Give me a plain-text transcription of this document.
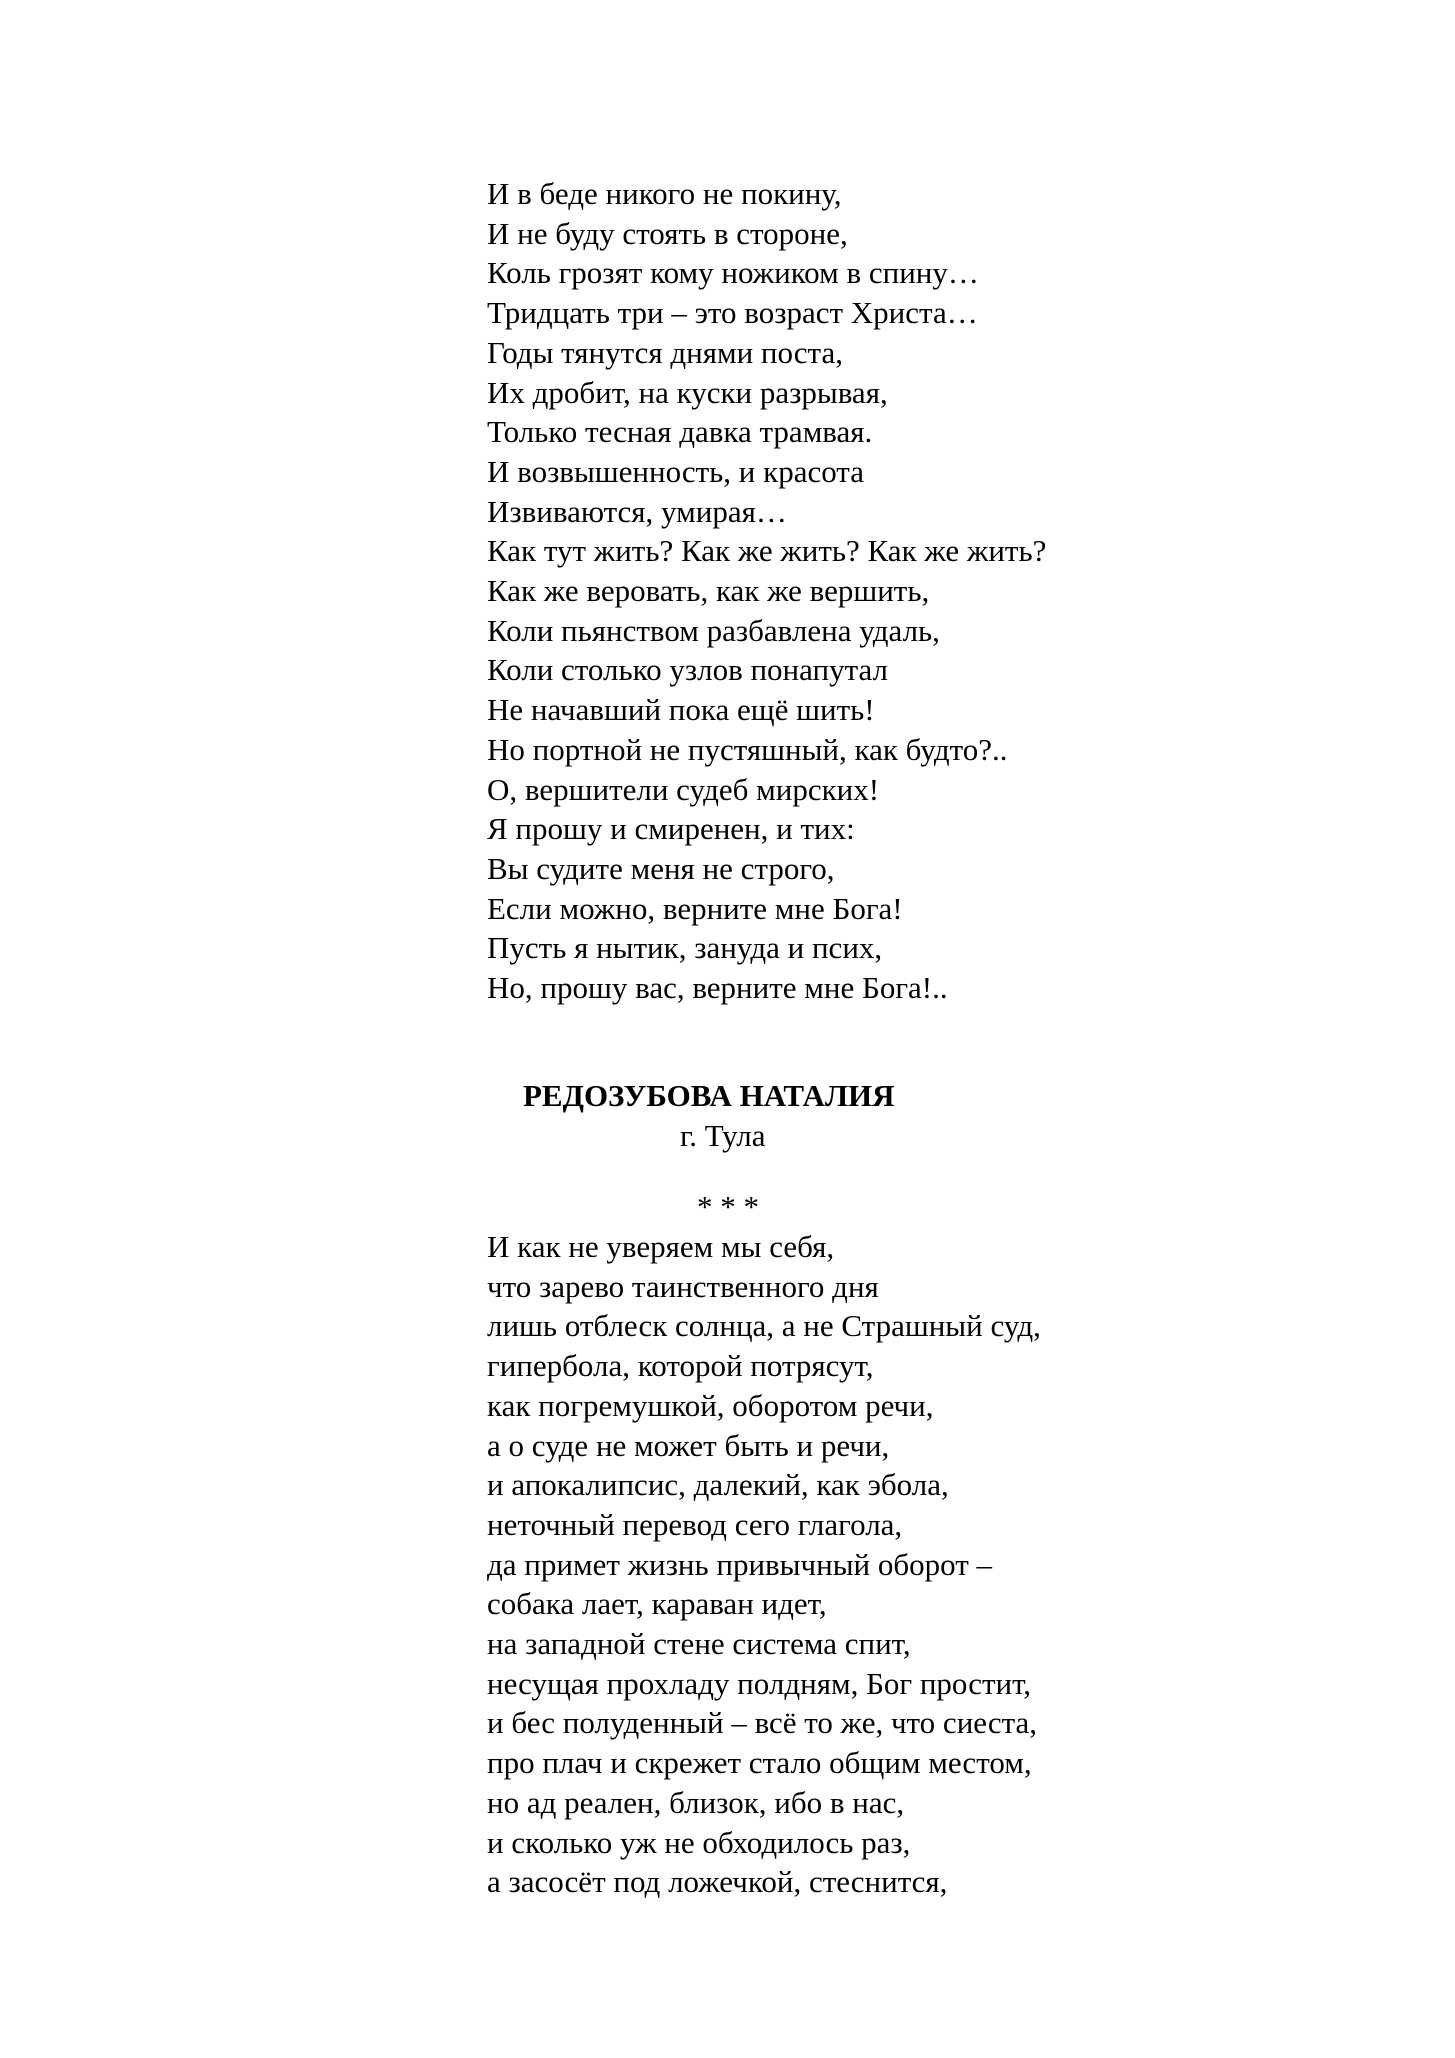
И в беде никого не покину,
И не буду стоять в стороне,
Коль грозят кому ножиком в спину…
Тридцать три – это возраст Христа…
Годы тянутся днями поста,
Их дробит, на куски разрывая,
Только тесная давка трамвая.
И возвышенность, и красота
Извиваются, умирая…
Как тут жить? Как же жить? Как же жить?
Как же веровать, как же вершить,
Коли пьянством разбавлена удаль,
Коли столько узлов понапутал
Не начавший пока ещё шить!
Но портной не пустяшный, как будто?..
О, вершители судеб мирских!
Я прошу и смиренен, и тих:
Вы судите меня не строго,
Если можно, верните мне Бога!
Пусть я нытик, зануда и псих,
Но, прошу вас, верните мне Бога!..
РЕДОЗУБОВА НАТАЛИЯ
г. Тула
* * *
И как не уверяем мы себя,
что зарево таинственного дня
лишь отблеск солнца, а не Страшный суд,
гипербола, которой потрясут,
как погремушкой, оборотом речи,
а о суде не может быть и речи,
и апокалипсис, далекий, как эбола,
неточный перевод сего глагола,
да примет жизнь привычный оборот –
собака лает, караван идет,
на западной стене система спит,
несущая прохладу полдням, Бог простит,
и бес полуденный – всё то же, что сиеста,
про плач и скрежет стало общим местом,
но ад реален, близок, ибо в нас,
и сколько уж не обходилось раз,
а засосёт под ложечкой, стеснится,
